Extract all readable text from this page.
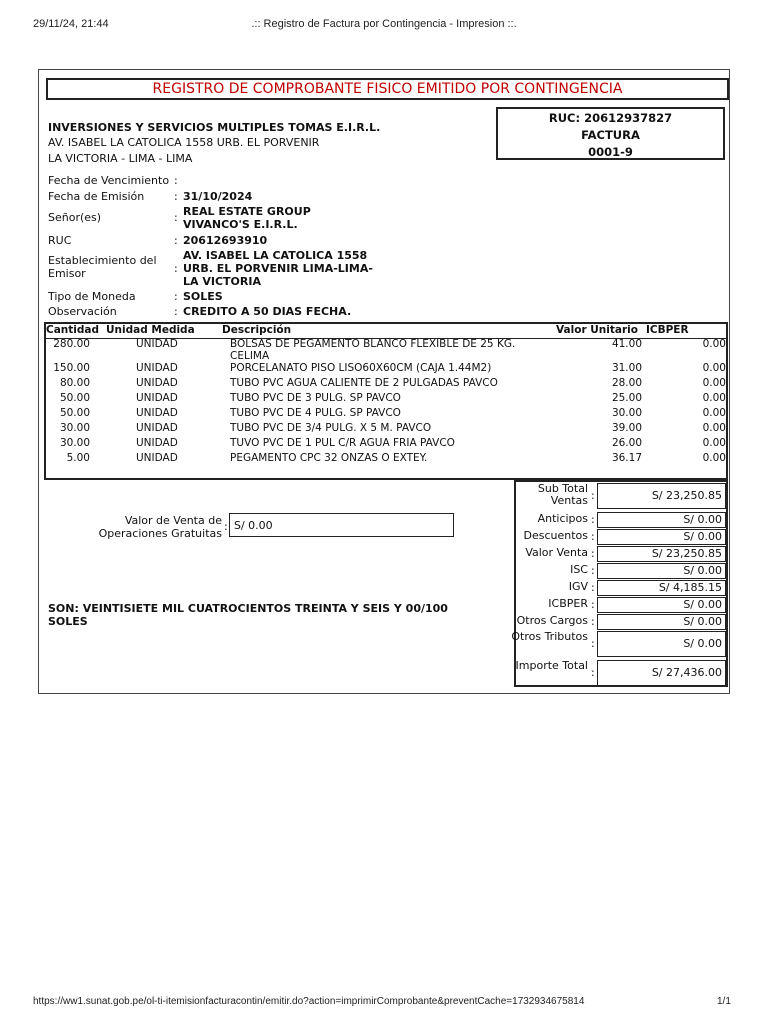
29/11/24, 21:44	.:: Registro de Factura por Contingencia - Impresion ::.
REGISTRO DE COMPROBANTE FISICO EMITIDO POR CONTINGENCIA
INVERSIONES Y SERVICIOS MULTIPLES TOMAS E.I.R.L.
AV. ISABEL LA CATOLICA 1558 URB. EL PORVENIR
LA VICTORIA - LIMA - LIMA
RUC: 20612937827
FACTURA
0001-9
Fecha de Vencimiento :
Fecha de Emisión	: 31/10/2024
Señor(es)	: REAL ESTATE GROUP VIVANCO'S E.I.R.L.
RUC	: 20612693910
Establecimiento del Emisor	:
AV. ISABEL LA CATOLICA 1558 URB. EL PORVENIR LIMA-LIMA-LA VICTORIA
Tipo de Moneda	: SOLES
Observación	: CREDITO A 50 DIAS FECHA.
Cantidad	Unidad Medida	Descripción	Valor Unitario	ICBPER
280.00	UNIDAD	BOLSAS DE PEGAMENTO BLANCO FLEXIBLE DE 25 KG. CELIMA	41.00	0.00
150.00	UNIDAD	PORCELANATO PISO LISO60X60CM (CAJA 1.44M2)	31.00	0.00
80.00	UNIDAD	TUBO PVC AGUA CALIENTE DE 2 PULGADAS PAVCO	28.00	0.00
50.00	UNIDAD	TUBO PVC DE 3 PULG. SP PAVCO	25.00	0.00
50.00	UNIDAD	TUBO PVC DE 4 PULG. SP PAVCO	30.00	0.00
30.00	UNIDAD	TUBO PVC DE 3/4 PULG. X 5 M. PAVCO	39.00	0.00
30.00	UNIDAD	TUVO PVC DE 1 PUL C/R AGUA FRIA PAVCO	26.00	0.00
5.00	UNIDAD	PEGAMENTO CPC 32 ONZAS O EXTEY.	36.17	0.00
Valor de Venta de Operaciones Gratuitas
: S/ 0.00
SON: VEINTISIETE MIL CUATROCIENTOS TREINTA Y SEIS Y 00/100 SOLES
Sub Total Ventas :	S/ 23,250.85
Anticipos :	S/ 0.00
Descuentos :	S/ 0.00
Valor Venta :	S/ 23,250.85
ISC :	S/ 0.00
IGV :	S/ 4,185.15
ICBPER :	S/ 0.00
Otros Cargos :	S/ 0.00
Otros Tributos
:	S/ 0.00
Importe Total
:	S/ 27,436.00
https://ww1.sunat.gob.pe/ol-ti-itemisionfacturacontin/emitir.do?action=imprimirComprobante&preventCache=1732934675814	1/1
